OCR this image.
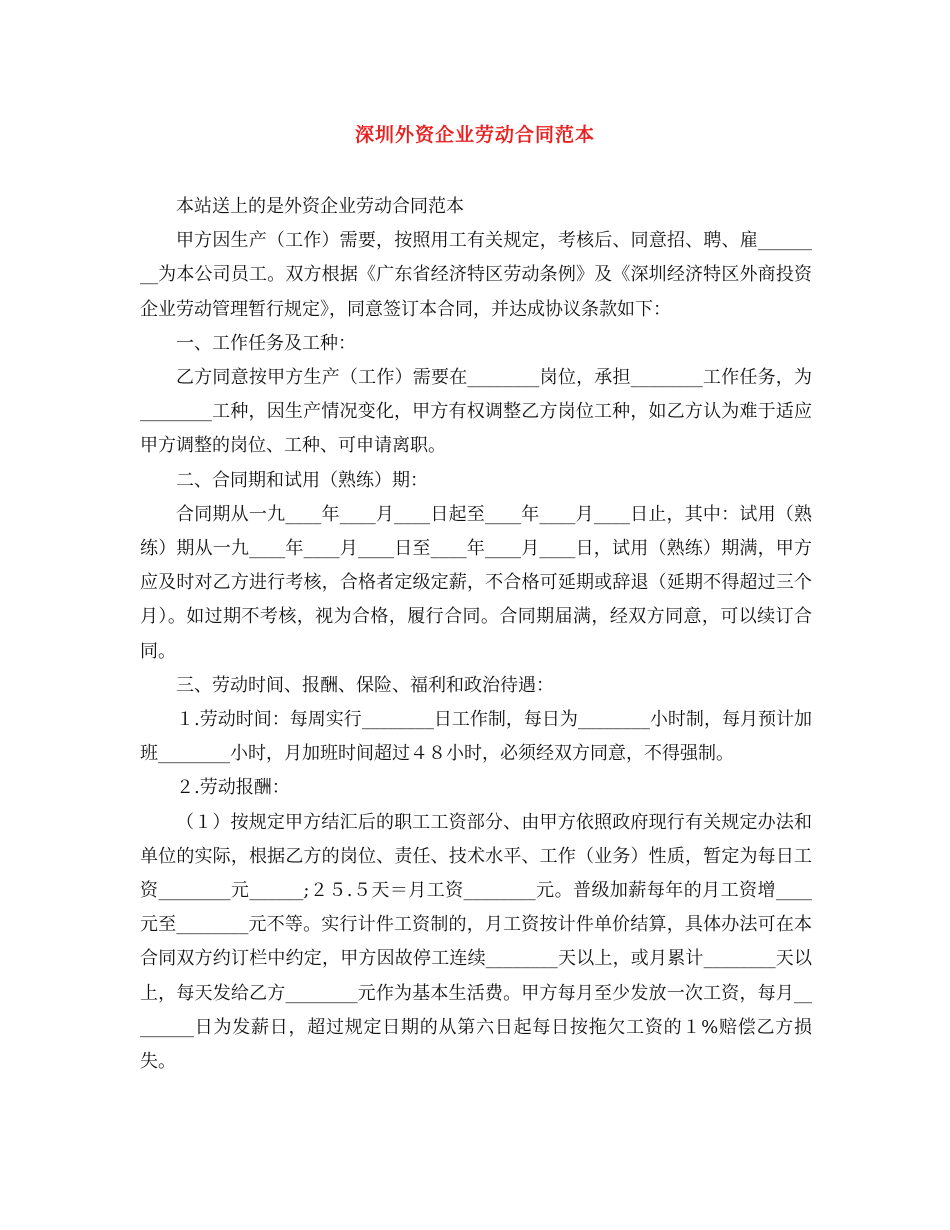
深圳外资企业劳动合同范本

本站送上的是外资企业劳动合同范本

甲方因生产（工作）需要，按照用工有关规定，考核后、同意招、聘、雇________为本公司员工。双方根据《广东省经济特区劳动条例》及《深圳经济特区外商投资企业劳动管理暂行规定》，同意签订本合同，并达成协议条款如下：

一、工作任务及工种：

乙方同意按甲方生产（工作）需要在________岗位，承担________工作任务，为________工种，因生产情况变化，甲方有权调整乙方岗位工种，如乙方认为难于适应甲方调整的岗位、工种、可申请离职。

二、合同期和试用（熟练）期：

合同期从一九____年____月____日起至____年____月____日止，其中：试用（熟练）期从一九____年____月____日至____年____月____日，试用（熟练）期满，甲方应及时对乙方进行考核，合格者定级定薪，不合格可延期或辞退（延期不得超过三个月）。如过期不考核，视为合格，履行合同。合同期届满，经双方同意，可以续订合同。

三、劳动时间、报酬、保险、福利和政治待遇：

１.劳动时间：每周实行________日工作制，每日为________小时制，每月预计加班________小时，月加班时间超过４８小时，必须经双方同意，不得强制。

２.劳动报酬：

（１）按规定甲方结汇后的职工工资部分、由甲方依照政府现行有关规定办法和单位的实际，根据乙方的岗位、责任、技术水平、工作（业务）性质，暂定为每日工 资________元______;２５.５天＝月工资________元。普级加薪每年的月工资增____元至________元不等。实行计件工资制的，月工资按计件单价结算，具体办法可在本合同双方约订栏中约定，甲方因故停工连续________天以上，或月累计________天以上，每天发给乙方________元作为基本生活费。甲方每月至少发放一次工资，每月________日为发薪日，超过规定日期的从第六日起每日按拖欠工资的１%赔偿乙方损失。
